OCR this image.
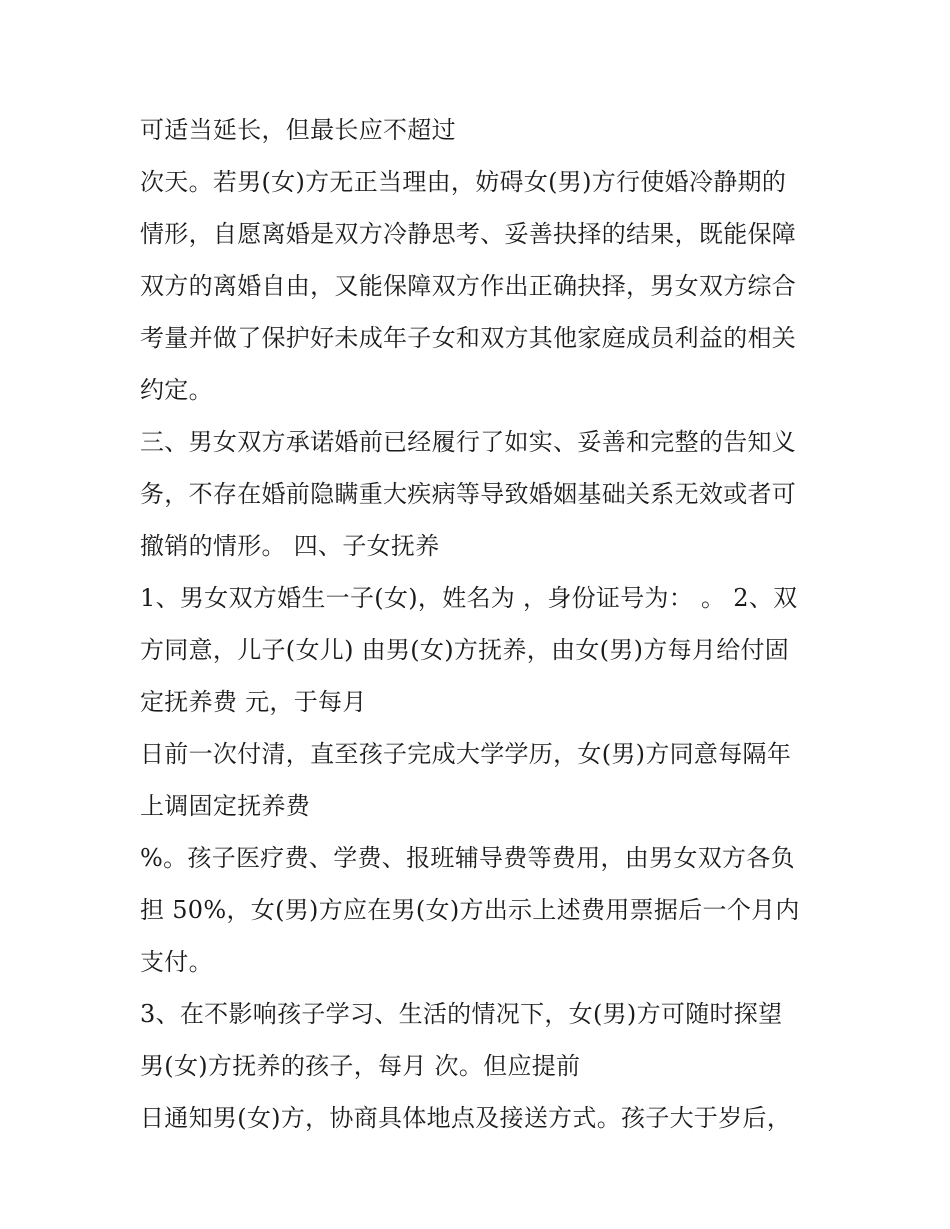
可适当延长，但最长应不超过
次天。若男(女)方无正当理由，妨碍女(男)方行使婚冷静期的
情形，自愿离婚是双方冷静思考、妥善抉择的结果，既能保障
双方的离婚自由，又能保障双方作出正确抉择，男女双方综合
考量并做了保护好未成年子女和双方其他家庭成员利益的相关
约定。
三、男女双方承诺婚前已经履行了如实、妥善和完整的告知义
务，不存在婚前隐瞒重大疾病等导致婚姻基础关系无效或者可
撤销的情形。 四、子女抚养
1、男女双方婚生一子(女)，姓名为 ，身份证号为： 。 2、双
方同意，儿子(女儿) 由男(女)方抚养，由女(男)方每月给付固
定抚养费 元，于每月
日前一次付清，直至孩子完成大学学历，女(男)方同意每隔年
上调固定抚养费
%。孩子医疗费、学费、报班辅导费等费用，由男女双方各负
担 50%，女(男)方应在男(女)方出示上述费用票据后一个月内
支付。
3、在不影响孩子学习、生活的情况下，女(男)方可随时探望
男(女)方抚养的孩子，每月 次。但应提前
日通知男(女)方，协商具体地点及接送方式。孩子大于岁后，
